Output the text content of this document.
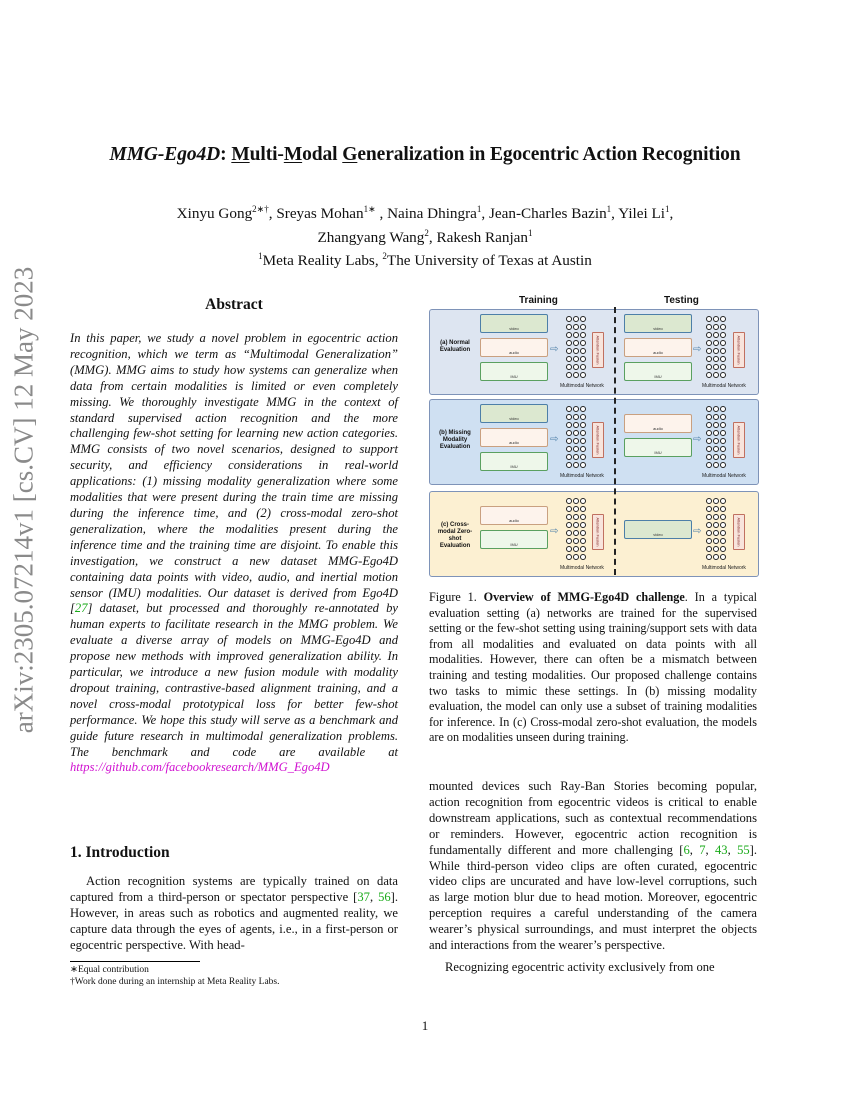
MMG-Ego4D: Multi-Modal Generalization in Egocentric Action Recognition
Xinyu Gong$^{2∗\dagger}$, Sreyas Mohan$^{1∗}$ , Naina Dhingra$^1$, Jean-Charles Bazin$^1$, Yilei Li$^1$,
Zhangyang Wang$^2$, Rakesh Ranjan$^1$
$^1$Meta Reality Labs, $^2$The University of Texas at Austin
arXiv:2305.07214v1 [cs.CV] 12 May 2023	Abstract
In this paper, we study a novel problem in egocentric action recognition, which we term as “Multimodal Generalization” (MMG). MMG aims to study how systems can generalize when data from certain modalities is limited or even completely missing. We thoroughly investigate MMG in the context of standard supervised action recognition and the more challenging few-shot setting for learning new action categories. MMG consists of two novel scenarios, designed to support security, and efficiency considerations in real-world applications: (1) missing modality generalization where some modalities that were present during the train time are missing during the inference time, and (2) cross-modal zero-shot generalization, where the modalities present during the inference time and the training time are disjoint. To enable this investigation, we construct a new dataset MMG-Ego4D containing data points with video, audio, and inertial motion sensor (IMU) modalities. Our dataset is derived from Ego4D [27] dataset, but processed and thoroughly re-annotated by human experts to facilitate research in the MMG problem. We evaluate a diverse array of models on MMG-Ego4D and propose new methods with improved generalization ability. In particular, we introduce a new fusion module with modality dropout training, contrastive-based alignment training, and a novel cross-modal prototypical loss for better few-shot performance. We hope this study will serve as a benchmark and guide future research in multimodal generalization problems. The benchmark and code are available at https://github.com/facebookresearch/MMG_Ego4D
1. Introduction
Action recognition systems are typically trained on data captured from a third-person or spectator perspective [37, 56]. However, in areas such as robotics and augmented reality, we capture data through the eyes of agents, i.e., in a first-person or egocentric perspective. With head-
∗Equal contribution
†Work done during an internship at Meta Reality Labs.
1
Training	Testing
(a) Normal Evaluation
video
audio
IMU
Attention Fusion
video
audio
IMU
Attention Fusion
⇨	⇨
Multimodal Network	Multimodal Network
(b) Missing Modality Evaluation
video
audio
IMU
Attention Fusion	audio
IMU	Attention Fusion
⇨	⇨
Multimodal Network	Multimodal Network
(c) Cross-modal Zero-shot Evaluation
audio
IMU	Attention Fusion	video	Attention Fusion
⇨	⇨
Multimodal Network	Multimodal Network
Figure 1. Overview of MMG-Ego4D challenge. In a typical evaluation setting (a) networks are trained for the supervised setting or the few-shot setting using training/support sets with data from all modalities and evaluated on data points with all modalities. However, there can often be a mismatch between training and testing modalities. Our proposed challenge contains two tasks to mimic these settings. In (b) missing modality evaluation, the model can only use a subset of training modalities for inference. In (c) Cross-modal zero-shot evaluation, the models are on modalities unseen during training.

mounted devices such Ray-Ban Stories becoming popular, action recognition from egocentric videos is critical to enable downstream applications, such as contextual recommendations or reminders. However, egocentric action recognition is fundamentally different and more challenging [6, 7, 43, 55]. While third-person video clips are often curated, egocentric video clips are uncurated and have low-level corruptions, such as large motion blur due to head motion. Moreover, egocentric perception requires a careful understanding of the camera wearer’s physical surroundings, and must interpret the objects and interactions from the wearer’s perspective.

Recognizing egocentric activity exclusively from one
